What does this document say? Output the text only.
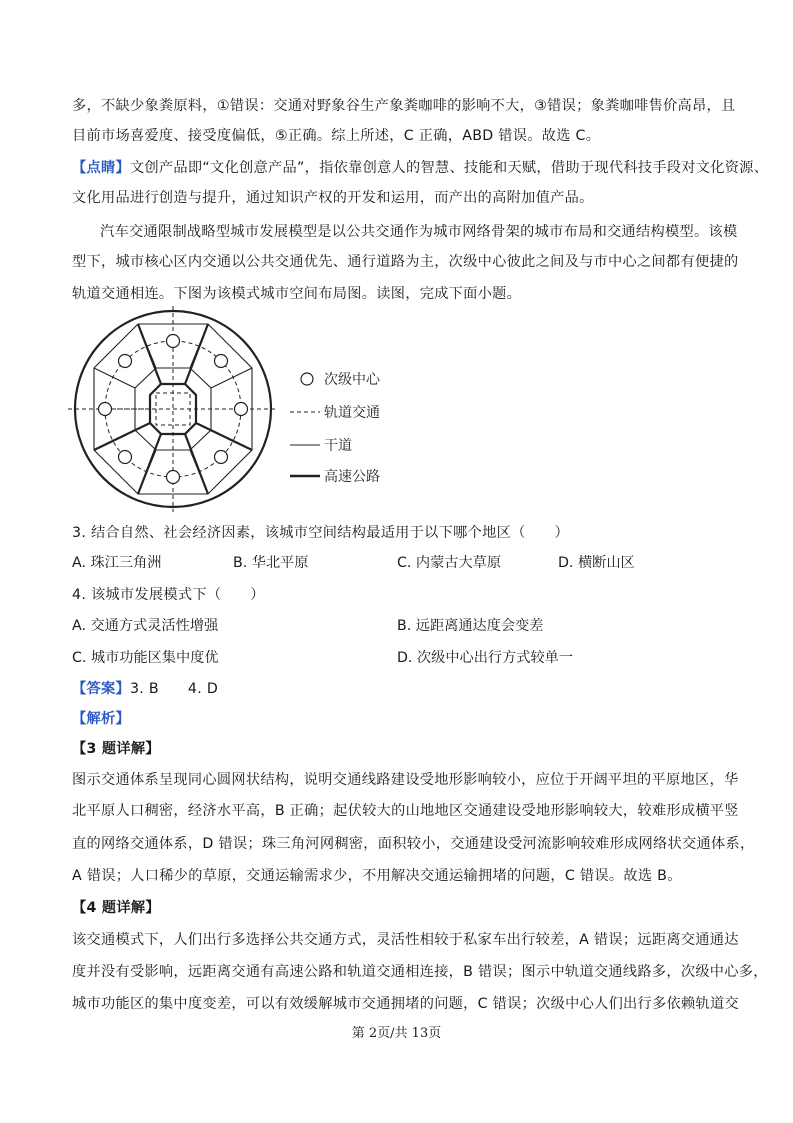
多，不缺少象粪原料，①错误：交通对野象谷生产象粪咖啡的影响不大，③错误；象粪咖啡售价高昂，且
目前市场喜爱度、接受度偏低，⑤正确。综上所述，C 正确，ABD 错误。故选 C。
【点睛】文创产品即“文化创意产品”，指依靠创意人的智慧、技能和天赋，借助于现代科技手段对文化资源、
文化用品进行创造与提升，通过知识产权的开发和运用，而产出的高附加值产品。
汽车交通限制战略型城市发展模型是以公共交通作为城市网络骨架的城市布局和交通结构模型。该模
型下，城市核心区内交通以公共交通优先、通行道路为主，次级中心彼此之间及与市中心之间都有便捷的
轨道交通相连。下图为该模式城市空间布局图。读图，完成下面小题。
次级中心
轨道交通
干道
高速公路
3. 结合自然、社会经济因素，该城市空间结构最适用于以下哪个地区（　　）
A. 珠江三角洲	B. 华北平原	C. 内蒙古大草原	D. 横断山区
4. 该城市发展模式下（　　）
A. 交通方式灵活性增强	B. 远距离通达度会变差
C. 城市功能区集中度优	D. 次级中心出行方式较单一
【答案】3. B　　4. D
【解析】
【3 题详解】
图示交通体系呈现同心圆网状结构，说明交通线路建设受地形影响较小，应位于开阔平坦的平原地区，华
北平原人口稠密，经济水平高，B 正确；起伏较大的山地地区交通建设受地形影响较大，较难形成横平竖
直的网络交通体系，D 错误；珠三角河网稠密，面积较小，交通建设受河流影响较难形成网络状交通体系，
A 错误；人口稀少的草原，交通运输需求少，不用解决交通运输拥堵的问题，C 错误。故选 B。
【4 题详解】
该交通模式下，人们出行多选择公共交通方式，灵活性相较于私家车出行较差，A 错误；远距离交通通达
度并没有受影响，远距离交通有高速公路和轨道交通相连接，B 错误；图示中轨道交通线路多，次级中心多，
城市功能区的集中度变差，可以有效缓解城市交通拥堵的问题，C 错误；次级中心人们出行多依赖轨道交
第 2页/共 13页
